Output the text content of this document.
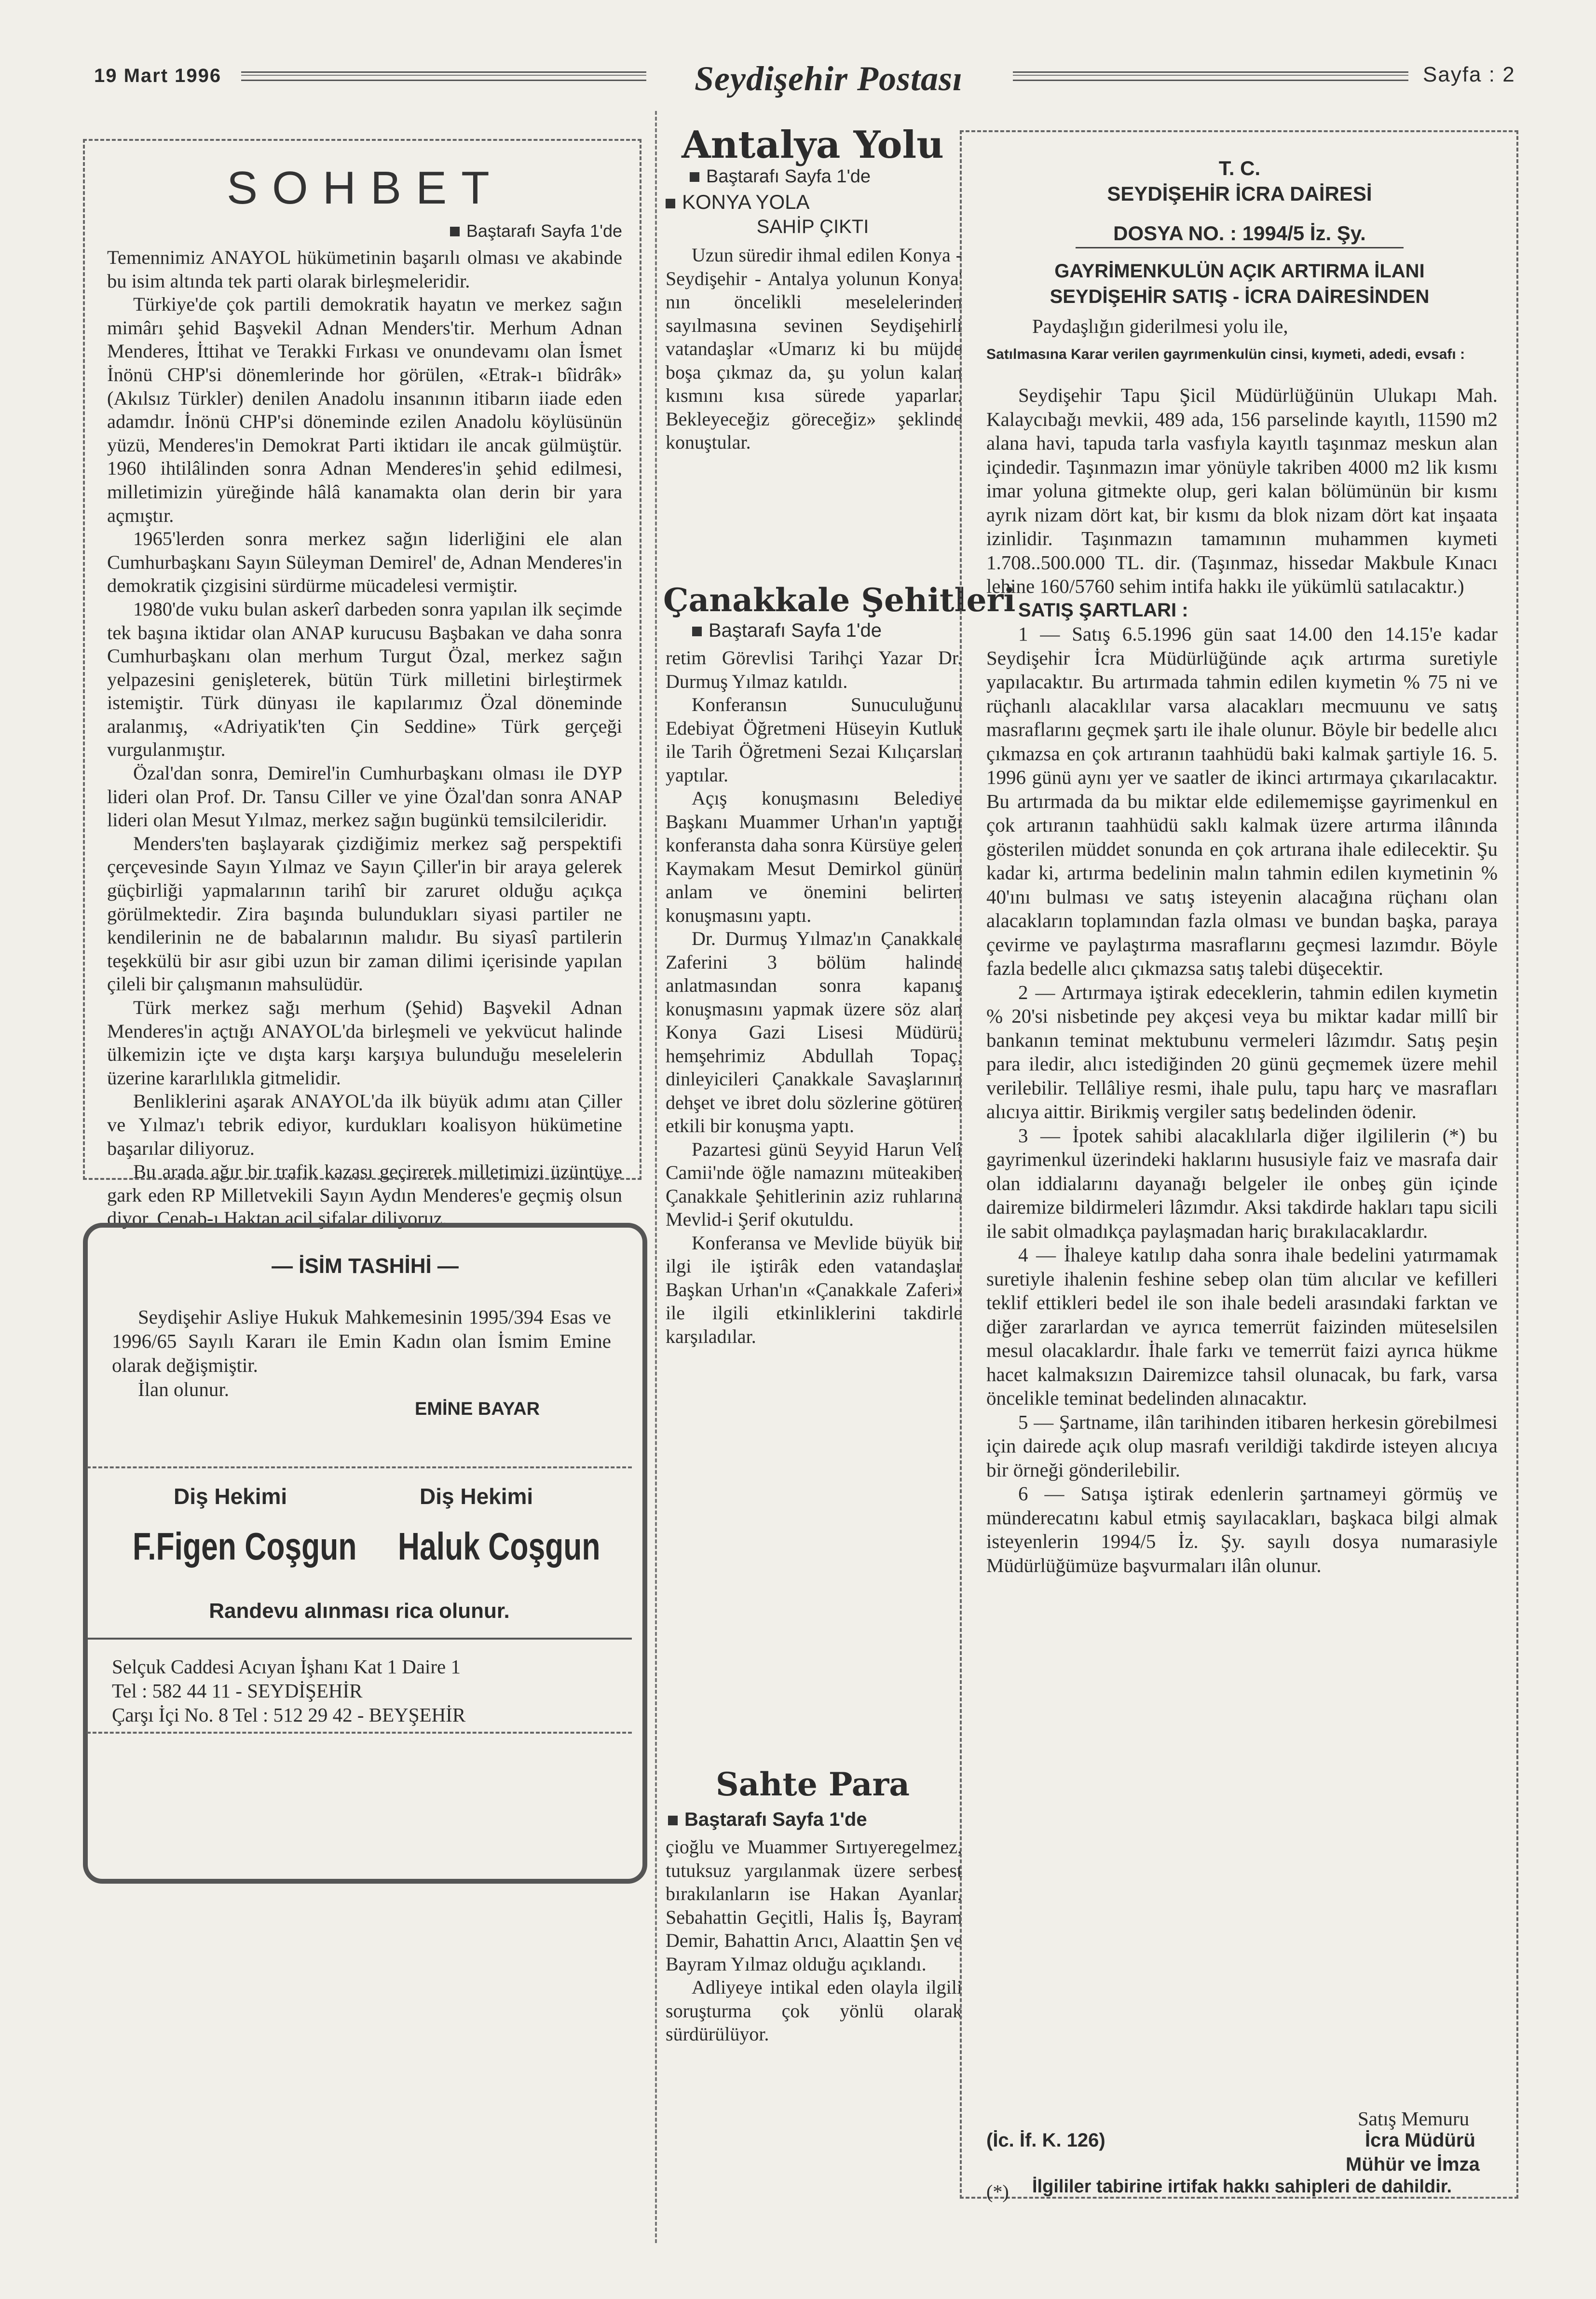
19 Mart 1996	Seydişehir Postası	Sayfa : 2
SOHBET
Baştarafı Sayfa 1'de

Temennimiz ANAYOL hükümetinin başarılı olması ve akabinde bu isim altında tek parti olarak birleşmeleridir.

Türkiye'de çok partili demokratik hayatın ve merkez sağın mimârı şehid Başvekil Adnan Menders'tir. Merhum Adnan Menderes, İttihat ve Terakki Fırkası ve onundevamı olan İsmet İnönü CHP'si dönemlerinde hor görülen, «Etrak-ı bîidrâk» (Akılsız Türkler) denilen Anadolu insanının itibarın iiade eden adamdır. İnönü CHP'si döneminde ezilen Anadolu köylüsünün yüzü, Menderes'in Demokrat Parti iktidarı ile ancak gülmüştür. 1960 ihtilâlinden sonra Adnan Menderes'in şehid edilmesi, milletimizin yüreğinde hâlâ kanamakta olan derin bir yara açmıştır.

1965'lerden sonra merkez sağın liderliğini ele alan Cumhurbaşkanı Sayın Süleyman Demirel' de, Adnan Menderes'in demokratik çizgisini sürdürme mücadelesi vermiştir.

1980'de vuku bulan askerî darbeden sonra yapılan ilk seçimde tek başına iktidar olan ANAP kurucusu Başbakan ve daha sonra Cumhurbaşkanı olan merhum Turgut Özal, merkez sağın yelpazesini genişleterek, bütün Türk milletini birleştirmek istemiştir. Türk dünyası ile kapılarımız Özal döneminde aralanmış, «Adriyatik'ten Çin Seddine» Türk gerçeği vurgulanmıştır.

Özal'dan sonra, Demirel'in Cumhurbaşkanı olması ile DYP lideri olan Prof. Dr. Tansu Ciller ve yine Özal'dan sonra ANAP lideri olan Mesut Yılmaz, merkez sağın bugünkü temsilcileridir.

Menders'ten başlayarak çizdiğimiz merkez sağ perspektifi çerçevesinde Sayın Yılmaz ve Sayın Çiller'in bir araya gelerek güçbirliği yapmalarının tarihî bir zaruret olduğu açıkça görülmektedir. Zira başında bulundukları siyasi partiler ne kendilerinin ne de babalarının malıdır. Bu siyasî partilerin teşekkülü bir asır gibi uzun bir zaman dilimi içerisinde yapılan çileli bir çalışmanın mahsulüdür.

Türk merkez sağı merhum (Şehid) Başvekil Adnan Menderes'in açtığı ANAYOL'da birleşmeli ve yekvücut halinde ülkemizin içte ve dışta karşı karşıya bulunduğu meselelerin üzerine kararlılıkla gitmelidir.

Benliklerini aşarak ANAYOL'da ilk büyük adımı atan Çiller ve Yılmaz'ı tebrik ediyor, kurdukları koalisyon hükümetine başarılar diliyoruz.

Bu arada ağır bir trafik kazası geçirerek milletimizi üzüntüye gark eden RP Milletvekili Sayın Aydın Menderes'e geçmiş olsun diyor. Cenab-ı Haktan acil şifalar diliyoruz.

— İSİM TASHİHİ —

Seydişehir Asliye Hukuk Mahkemesinin 1995/394 Esas ve 1996/65 Sayılı Kararı ile Emin Kadın olan İsmim Emine olarak değişmiştir.

İlan olunur.

EMİNE BAYAR
Diş Hekimi	Diş Hekimi
F.Figen Coşgun Haluk Coşgun
Randevu alınması rica olunur.
Selçuk Caddesi Acıyan İşhanı Kat 1 Daire 1
Tel : 582 44 11 - SEYDİŞEHİR
Çarşı İçi No. 8 Tel : 512 29 42 - BEYŞEHİR
Antalya Yolu
Baştarafı Sayfa 1'de
KONYA YOLA
SAHİP ÇIKTI

Uzun süredir ihmal edilen Konya - Seydişehir - Antalya yolunun Konya' nın öncelikli meselelerinden sayılmasına sevinen Seydişehirli vatandaşlar «Umarız ki bu müjde boşa çıkmaz da, şu yolun kalan kısmını kısa sürede yaparlar. Bekleyeceğiz göreceğiz» şeklinde konuştular.

Çanakkale Şehitleri
Baştarafı Sayfa 1'de

retim Görevlisi Tarihçi Yazar Dr. Durmuş Yılmaz katıldı.

Konferansın Sunuculuğunu Edebiyat Öğretmeni Hüseyin Kutluk ile Tarih Öğretmeni Sezai Kılıçarslan yaptılar.

Açış konuşmasını Belediye Başkanı Muammer Urhan'ın yaptığı konferansta daha sonra Kürsüye gelen Kaymakam Mesut Demirkol günün anlam ve önemini belirten konuşmasını yaptı.

Dr. Durmuş Yılmaz'ın Çanakkale Zaferini 3 bölüm halinde anlatmasından sonra kapanış konuşmasını yapmak üzere söz alan Konya Gazi Lisesi Müdürü, hemşehrimiz Abdullah Topaç, dinleyicileri Çanakkale Savaşlarının dehşet ve ibret dolu sözlerine götüren etkili bir konuşma yaptı.

Pazartesi günü Seyyid Harun Velî Camii'nde öğle namazını müteakiben Çanakkale Şehitlerinin aziz ruhlarına Mevlid-i Şerif okutuldu.

Konferansa ve Mevlide büyük bir ilgi ile iştirâk eden vatandaşlar Başkan Urhan'ın «Çanakkale Zaferi» ile ilgili etkinliklerini takdirle karşıladılar.

Sahte Para
Baştarafı Sayfa 1'de

çioğlu ve Muammer Sırtıyeregelmez, tutuksuz yargılanmak üzere serbest bırakılanların ise Hakan Ayanlar, Sebahattin Geçitli, Halis İş, Bayram Demir, Bahattin Arıcı, Alaattin Şen ve Bayram Yılmaz olduğu açıklandı.

Adliyeye intikal eden olayla ilgili soruşturma çok yönlü olarak sürdürülüyor.

T. C.
SEYDİŞEHİR İCRA DAİRESİ
DOSYA NO. : 1994/5 İz. Şy.
GAYRİMENKULÜN AÇIK ARTIRMA İLANI
SEYDİŞEHİR SATIŞ - İCRA DAİRESİNDEN
Paydaşlığın giderilmesi yolu ile,
Satılmasına Karar verilen gayrımenkulün cinsi, kıymeti, adedi, evsafı :

Seydişehir Tapu Şicil Müdürlüğünün Ulukapı Mah. Kalaycıbağı mevkii, 489 ada, 156 parselinde kayıtlı, 11590 m2 alana havi, tapuda tarla vasfıyla kayıtlı taşınmaz meskun alan içindedir. Taşınmazın imar yönüyle takriben 4000 m2 lik kısmı imar yoluna gitmekte olup, geri kalan bölümünün bir kısmı ayrık nizam dört kat, bir kısmı da blok nizam dört kat inşaata izinlidir. Taşınmazın tamamının muhammen kıymeti 1.708..500.000 TL. dir. (Taşınmaz, hissedar Makbule Kınacı lehine 160/5760 sehim intifa hakkı ile yükümlü satılacaktır.)

SATIŞ ŞARTLARI :

1 — Satış 6.5.1996 gün saat 14.00 den 14.15'e kadar Seydişehir İcra Müdürlüğünde açık artırma suretiyle yapılacaktır. Bu artırmada tahmin edilen kıymetin % 75 ni ve rüçhanlı alacaklılar varsa alacakları mecmuunu ve satış masraflarını geçmek şartı ile ihale olunur. Böyle bir bedelle alıcı çıkmazsa en çok artıranın taahhüdü baki kalmak şartiyle 16. 5. 1996 günü aynı yer ve saatler de ikinci artırmaya çıkarılacaktır. Bu artırmada da bu miktar elde edilememişse gayrimenkul en çok artıranın taahhüdü saklı kalmak üzere artırma ilânında gösterilen müddet sonunda en çok artırana ihale edilecektir. Şu kadar ki, artırma bedelinin malın tahmin edilen kıymetinin % 40'ını bulması ve satış isteyenin alacağına rüçhanı olan alacakların toplamından fazla olması ve bundan başka, paraya çevirme ve paylaştırma masraflarını geçmesi lazımdır. Böyle fazla bedelle alıcı çıkmazsa satış talebi düşecektir.

2 — Artırmaya iştirak edeceklerin, tahmin edilen kıymetin % 20'si nisbetinde pey akçesi veya bu miktar kadar millî bir bankanın teminat mektubunu vermeleri lâzımdır. Satış peşin para iledir, alıcı istediğinden 20 günü geçmemek üzere mehil verilebilir. Tellâliye resmi, ihale pulu, tapu harç ve masrafları alıcıya aittir. Birikmiş vergiler satış bedelinden ödenir.

3 — İpotek sahibi alacaklılarla diğer ilgililerin (*) bu gayrimenkul üzerindeki haklarını hususiyle faiz ve masrafa dair olan iddialarını dayanağı belgeler ile onbeş gün içinde dairemize bildirmeleri lâzımdır. Aksi takdirde hakları tapu sicili ile sabit olmadıkça paylaşmadan hariç bırakılacaklardır.

4 — İhaleye katılıp daha sonra ihale bedelini yatırmamak suretiyle ihalenin feshine sebep olan tüm alıcılar ve kefilleri teklif ettikleri bedel ile son ihale bedeli arasındaki farktan ve diğer zararlardan ve ayrıca temerrüt faizinden müteselsilen mesul olacaklardır. İhale farkı ve temerrüt faizi ayrıca hükme hacet kalmaksızın Dairemizce tahsil olunacak, bu fark, varsa öncelikle teminat bedelinden alınacaktır.

5 — Şartname, ilân tarihinden itibaren herkesin görebilmesi için dairede açık olup masrafı verildiği takdirde isteyen alıcıya bir örneği gönderilebilir.

6 — Satışa iştirak edenlerin şartnameyi görmüş ve münderecatını kabul etmiş sayılacakları, başkaca bilgi almak isteyenlerin 1994/5 İz. Şy. sayılı dosya numarasiyle Müdürlüğümüze başvurmaları ilân olunur.

Satış Memuru
(İc. İf. K. 126)	İcra Müdürü
Mühür ve İmza
(*) İlgililer tabirine irtifak hakkı sahipleri de dahildir.
